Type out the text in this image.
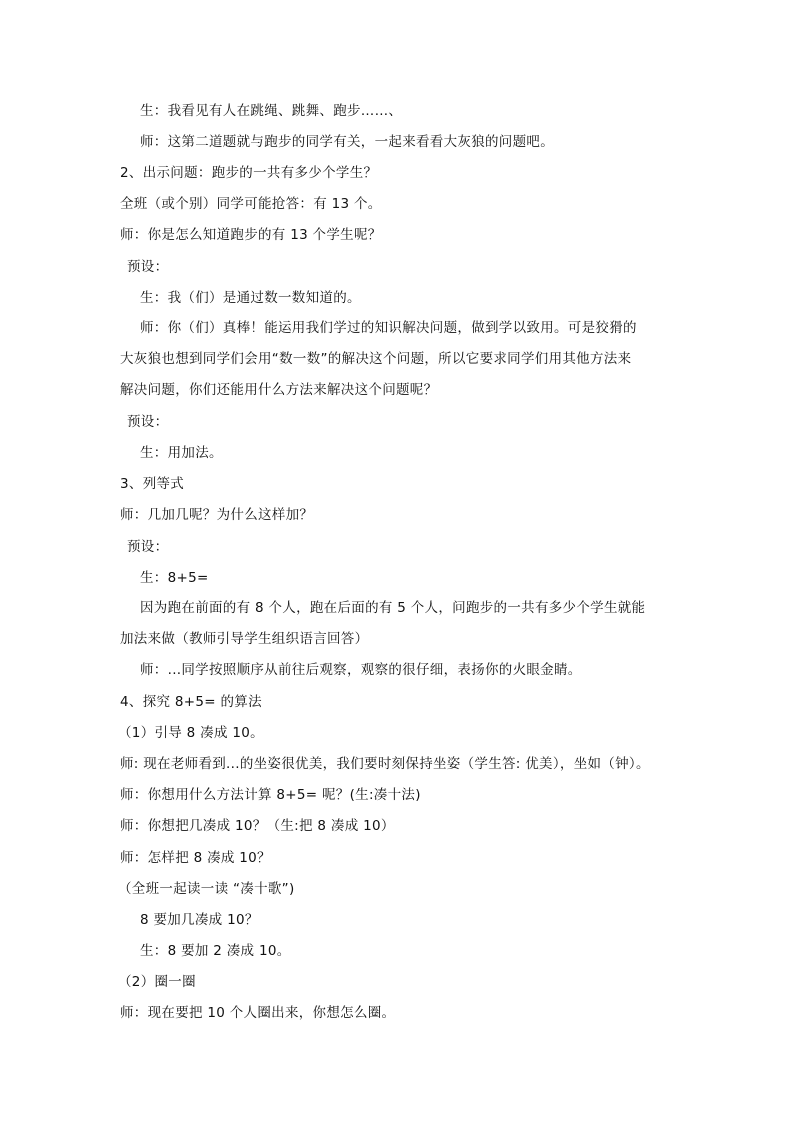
生：我看见有人在跳绳、跳舞、跑步……、
师：这第二道题就与跑步的同学有关，一起来看看大灰狼的问题吧。
2、出示问题：跑步的一共有多少个学生？
全班（或个别）同学可能抢答：有 13 个。
师：你是怎么知道跑步的有 13 个学生呢？
预设：
生：我（们）是通过数一数知道的。
师：你（们）真棒！能运用我们学过的知识解决问题，做到学以致用。可是狡猾的
大灰狼也想到同学们会用“数一数”的解决这个问题，所以它要求同学们用其他方法来
解决问题，你们还能用什么方法来解决这个问题呢？
预设：
生：用加法。
3、列等式
师：几加几呢？为什么这样加？
预设：
生：8+5=
因为跑在前面的有 8 个人，跑在后面的有 5 个人，问跑步的一共有多少个学生就能
加法来做（教师引导学生组织语言回答）
师：...同学按照顺序从前往后观察，观察的很仔细，表扬你的火眼金睛。
4、探究 8+5= 的算法
（1）引导 8 凑成 10。
师: 现在老师看到...的坐姿很优美，我们要时刻保持坐姿（学生答: 优美），坐如（钟）。
师：你想用什么方法计算 8+5= 呢？(生:凑十法)
师：你想把几凑成 10？（生:把 8 凑成 10）
师：怎样把 8 凑成 10？
（全班一起读一读 “凑十歌”)
8 要加几凑成 10？
生：8 要加 2 凑成 10。
（2）圈一圈
师：现在要把 10 个人圈出来，你想怎么圈。
